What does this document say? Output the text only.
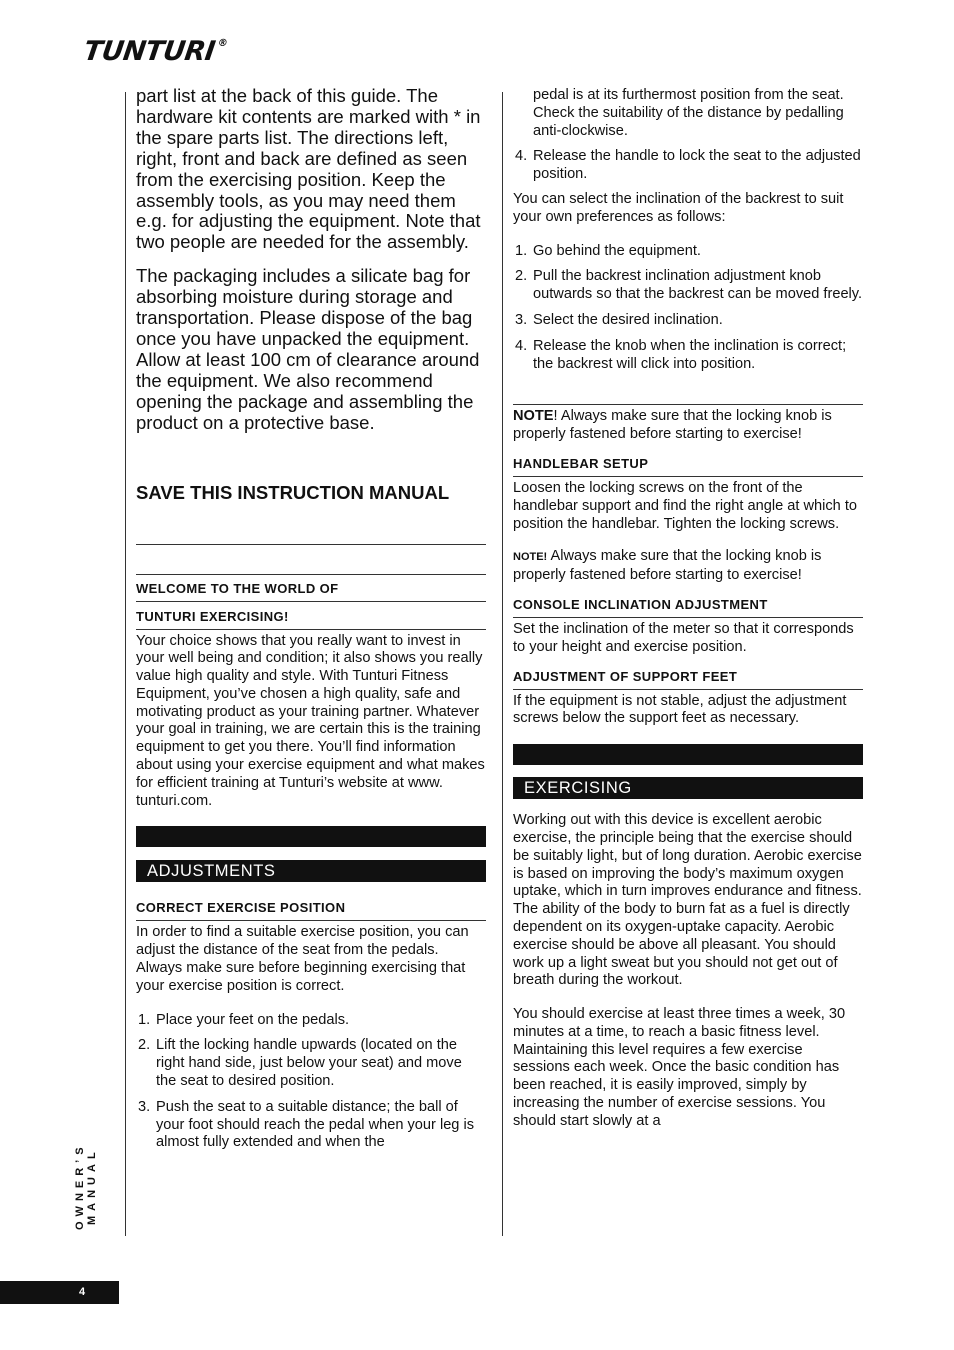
TUNTURI®

part list at the back of this guide. The hardware kit contents are marked with * in the spare parts list. The directions left, right, front and back are defined as seen from the exercising position. Keep the assembly tools, as you may need them e.g. for adjusting the equipment. Note that two people are needed for the assembly.

The packaging includes a silicate bag for absorbing moisture during storage and transportation. Please dispose of the bag once you have unpacked the equipment. Allow at least 100 cm of clearance around the equipment. We also recommend opening the package and assembling the product on a protective base.

SAVE THIS INSTRUCTION MANUAL

WELCOME TO THE WORLD OF

TUNTURI EXERCISING!

Your choice shows that you really want to invest in your well being and condition; it also shows you really value high quality and style. With Tunturi Fitness Equipment, you’ve chosen a high quality, safe and motivating product as your training partner. Whatever your goal in training, we are certain this is the training equipment to get you there. You’ll find information about using your exercise equipment and what makes for efficient training at Tunturi’s website at www. tunturi.com.

ADJUSTMENTS

CORRECT EXERCISE POSITION

In order to find a suitable exercise position, you can adjust the distance of the seat from the pedals. Always make sure before beginning exercising that your exercise position is correct.

1. Place your feet on the pedals.
2. Lift the locking handle upwards (located on the right hand side, just below your seat) and move the seat to desired position.
3. Push the seat to a suitable distance; the ball of your foot should reach the pedal when your leg is almost fully extended and when the
pedal is at its furthermost position from the seat. Check the suitability of the distance by pedalling anti-clockwise.
4. Release the handle to lock the seat to the adjusted position.

You can select the inclination of the backrest to suit your own preferences as follows:

1. Go behind the equipment.
2. Pull the backrest inclination adjustment knob outwards so that the backrest can be moved freely.
3. Select the desired inclination.
4. Release the knob when the inclination is correct; the backrest will click into position.

NOTE! Always make sure that the locking knob is properly fastened before starting to exercise!

HANDLEBAR SETUP

Loosen the locking screws on the front of the handlebar support and find the right angle at which to position the handlebar. Tighten the locking screws.

NOTE! Always make sure that the locking knob is properly fastened before starting to exercise!

CONSOLE INCLINATION ADJUSTMENT

Set the inclination of the meter so that it corresponds to your height and exercise position.

ADJUSTMENT OF SUPPORT FEET

If the equipment is not stable, adjust the adjustment screws below the support feet as necessary.

EXERCISING

Working out with this device is excellent aerobic exercise, the principle being that the exercise should be suitably light, but of long duration. Aerobic exercise is based on improving the body’s maximum oxygen uptake, which in turn improves endurance and fitness. The ability of the body to burn fat as a fuel is directly dependent on its oxygen-uptake capacity. Aerobic exercise should be above all pleasant. You should work up a light sweat but you should not get out of breath during the workout.

You should exercise at least three times a week, 30 minutes at a time, to reach a basic fitness level. Maintaining this level requires a few exercise sessions each week. Once the basic condition has been reached, it is easily improved, simply by increasing the number of exercise sessions. You should start slowly at a

OWNER’S MANUAL
4
